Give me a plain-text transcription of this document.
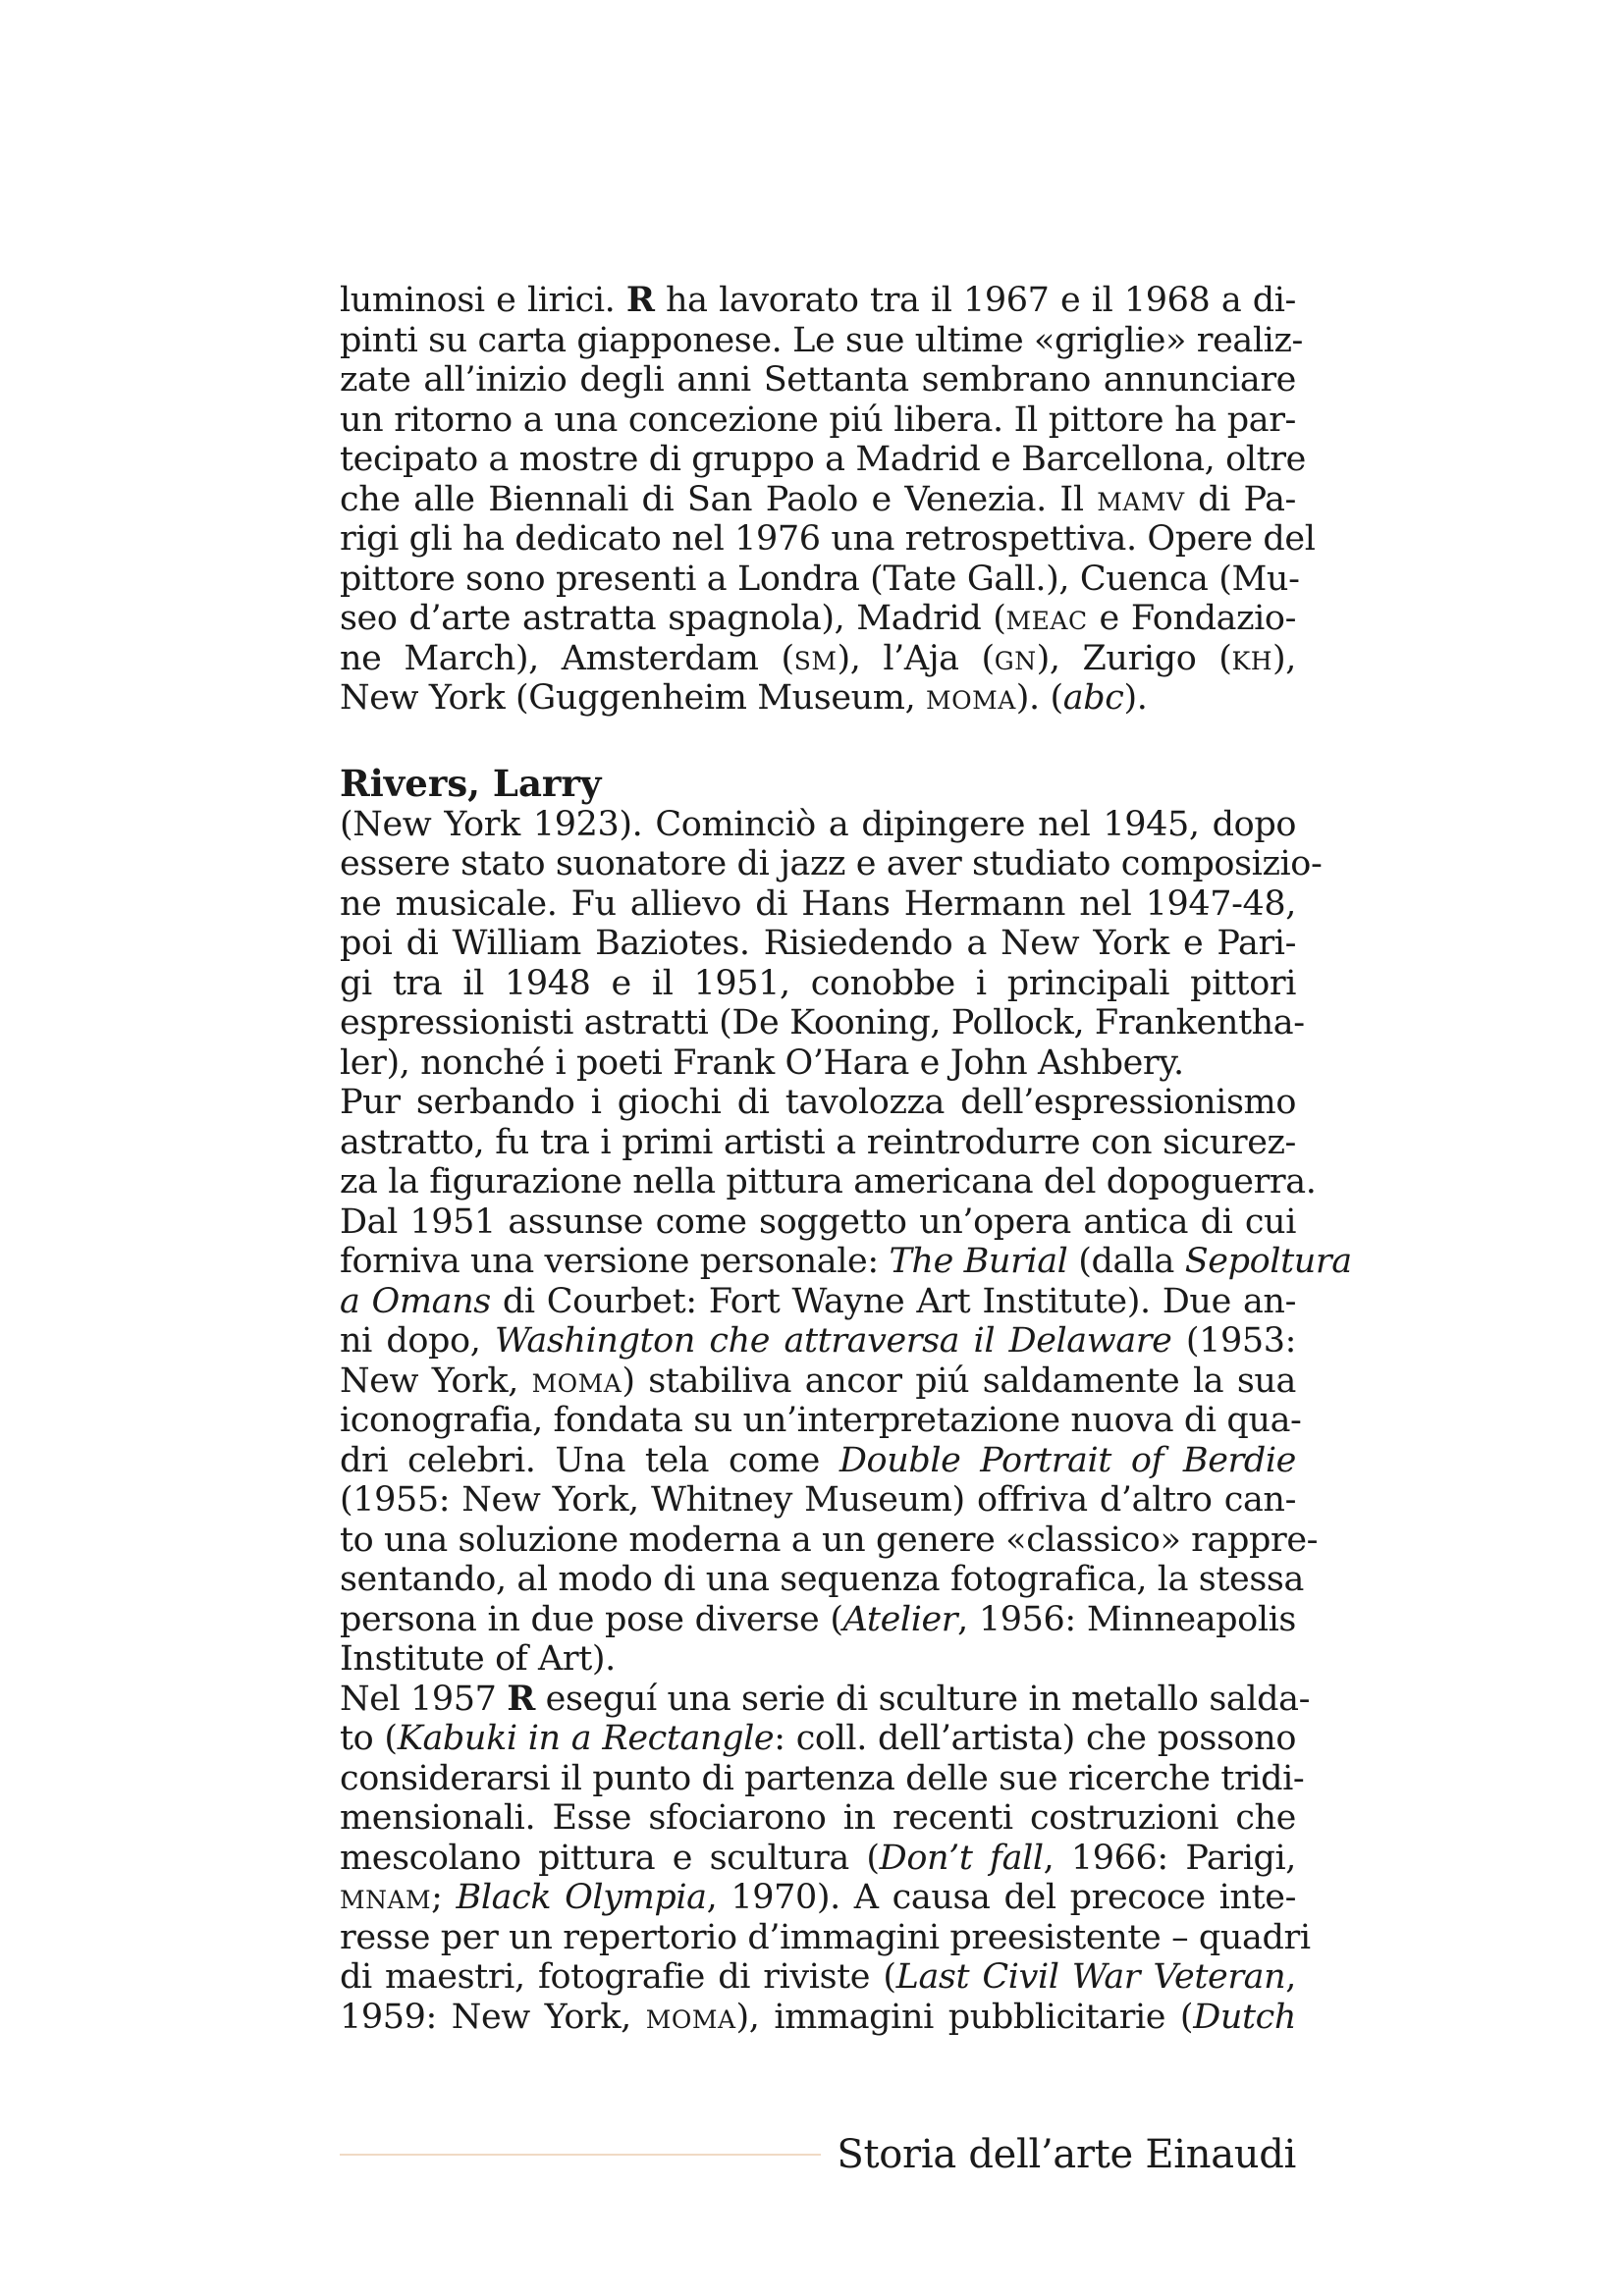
luminosi e lirici. R ha lavorato tra il 1967 e il 1968 a di-
pinti su carta giapponese. Le sue ultime «griglie» realiz-
zate all’inizio degli anni Settanta sembrano annunciare
un ritorno a una concezione piú libera. Il pittore ha par-
tecipato a mostre di gruppo a Madrid e Barcellona, oltre
che alle Biennali di San Paolo e Venezia. Il mamv di Pa-
rigi gli ha dedicato nel 1976 una retrospettiva. Opere del
pittore sono presenti a Londra (Tate Gall.), Cuenca (Mu-
seo d’arte astratta spagnola), Madrid (meac e Fondazio-
ne March), Amsterdam (sm), l’Aja (gn), Zurigo (kh),
New York (Guggenheim Museum, moma). (abc).
Rivers, Larry
(New York 1923). Cominciò a dipingere nel 1945, dopo
essere stato suonatore di jazz e aver studiato composizio-
ne musicale. Fu allievo di Hans Hermann nel 1947-48,
poi di William Baziotes. Risiedendo a New York e Pari-
gi tra il 1948 e il 1951, conobbe i principali pittori
espressionisti astratti (De Kooning, Pollock, Frankentha-
ler), nonché i poeti Frank O’Hara e John Ashbery.
Pur serbando i giochi di tavolozza dell’espressionismo
astratto, fu tra i primi artisti a reintrodurre con sicurez-
za la figurazione nella pittura americana del dopoguerra.
Dal 1951 assunse come soggetto un’opera antica di cui
forniva una versione personale: The Burial (dalla Sepoltura
a Omans di Courbet: Fort Wayne Art Institute). Due an-
ni dopo, Washington che attraversa il Delaware (1953:
New York, moma) stabiliva ancor piú saldamente la sua
iconografia, fondata su un’interpretazione nuova di qua-
dri celebri. Una tela come Double Portrait of Berdie
(1955: New York, Whitney Museum) offriva d’altro can-
to una soluzione moderna a un genere «classico» rappre-
sentando, al modo di una sequenza fotografica, la stessa
persona in due pose diverse (Atelier, 1956: Minneapolis
Institute of Art).
Nel 1957 R eseguí una serie di sculture in metallo salda-
to (Kabuki in a Rectangle: coll. dell’artista) che possono
considerarsi il punto di partenza delle sue ricerche tridi-
mensionali. Esse sfociarono in recenti costruzioni che
mescolano pittura e scultura (Don’t fall, 1966: Parigi,
mnam; Black Olympia, 1970). A causa del precoce inte-
resse per un repertorio d’immagini preesistente – quadri
di maestri, fotografie di riviste (Last Civil War Veteran,
1959: New York, moma), immagini pubblicitarie (Dutch
Storia dell’arte Einaudi
